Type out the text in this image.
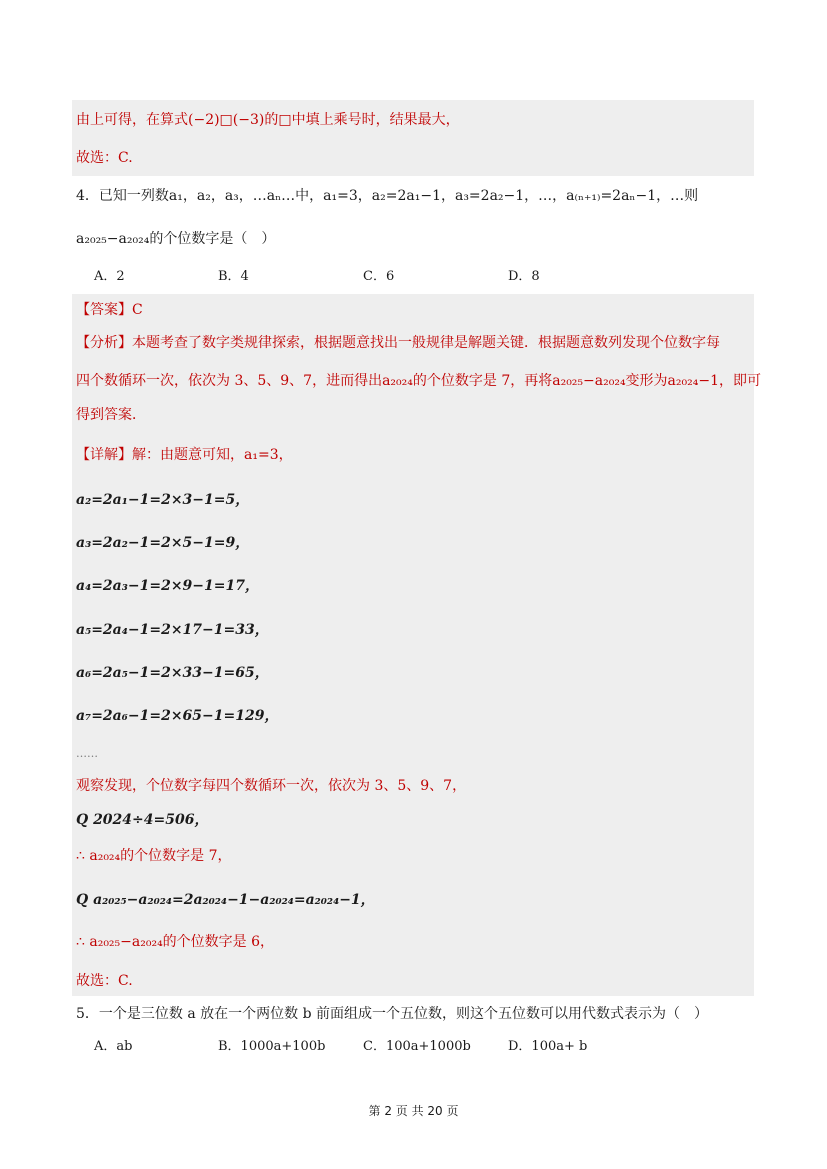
由上可得，在算式(−2)□(−3)的□中填上乘号时，结果最大，
故选：C.
4．已知一列数a₁，a₂，a₃，…aₙ…中，a₁=3，a₂=2a₁−1，a₃=2a₂−1，…，a₍ₙ₊₁₎=2aₙ−1，…则
a₂₀₂₅−a₂₀₂₄的个位数字是（　）
A．2	B．4	C．6	D．8
【答案】C
【分析】本题考查了数字类规律探索，根据题意找出一般规律是解题关键．根据题意数列发现个位数字每
四个数循环一次，依次为 3、5、9、7，进而得出a₂₀₂₄的个位数字是 7，再将a₂₀₂₅−a₂₀₂₄变形为a₂₀₂₄−1，即可
得到答案．
【详解】解：由题意可知，a₁=3，
a₂=2a₁−1=2×3−1=5，
a₃=2a₂−1=2×5−1=9，
a₄=2a₃−1=2×9−1=17，
a₅=2a₄−1=2×17−1=33，
a₆=2a₅−1=2×33−1=65，
a₇=2a₆−1=2×65−1=129，
……
观察发现，个位数字每四个数循环一次，依次为 3、5、9、7，
Q 2024÷4=506，
∴ a₂₀₂₄的个位数字是 7，
Q a₂₀₂₅−a₂₀₂₄=2a₂₀₂₄−1−a₂₀₂₄=a₂₀₂₄−1，
∴ a₂₀₂₅−a₂₀₂₄的个位数字是 6，
故选：C.
5．一个是三位数 a 放在一个两位数 b 前面组成一个五位数，则这个五位数可以用代数式表示为（　）
A．ab	B．1000a+100b	C．100a+1000b	D．100a+ b
第 2 页 共 20 页
